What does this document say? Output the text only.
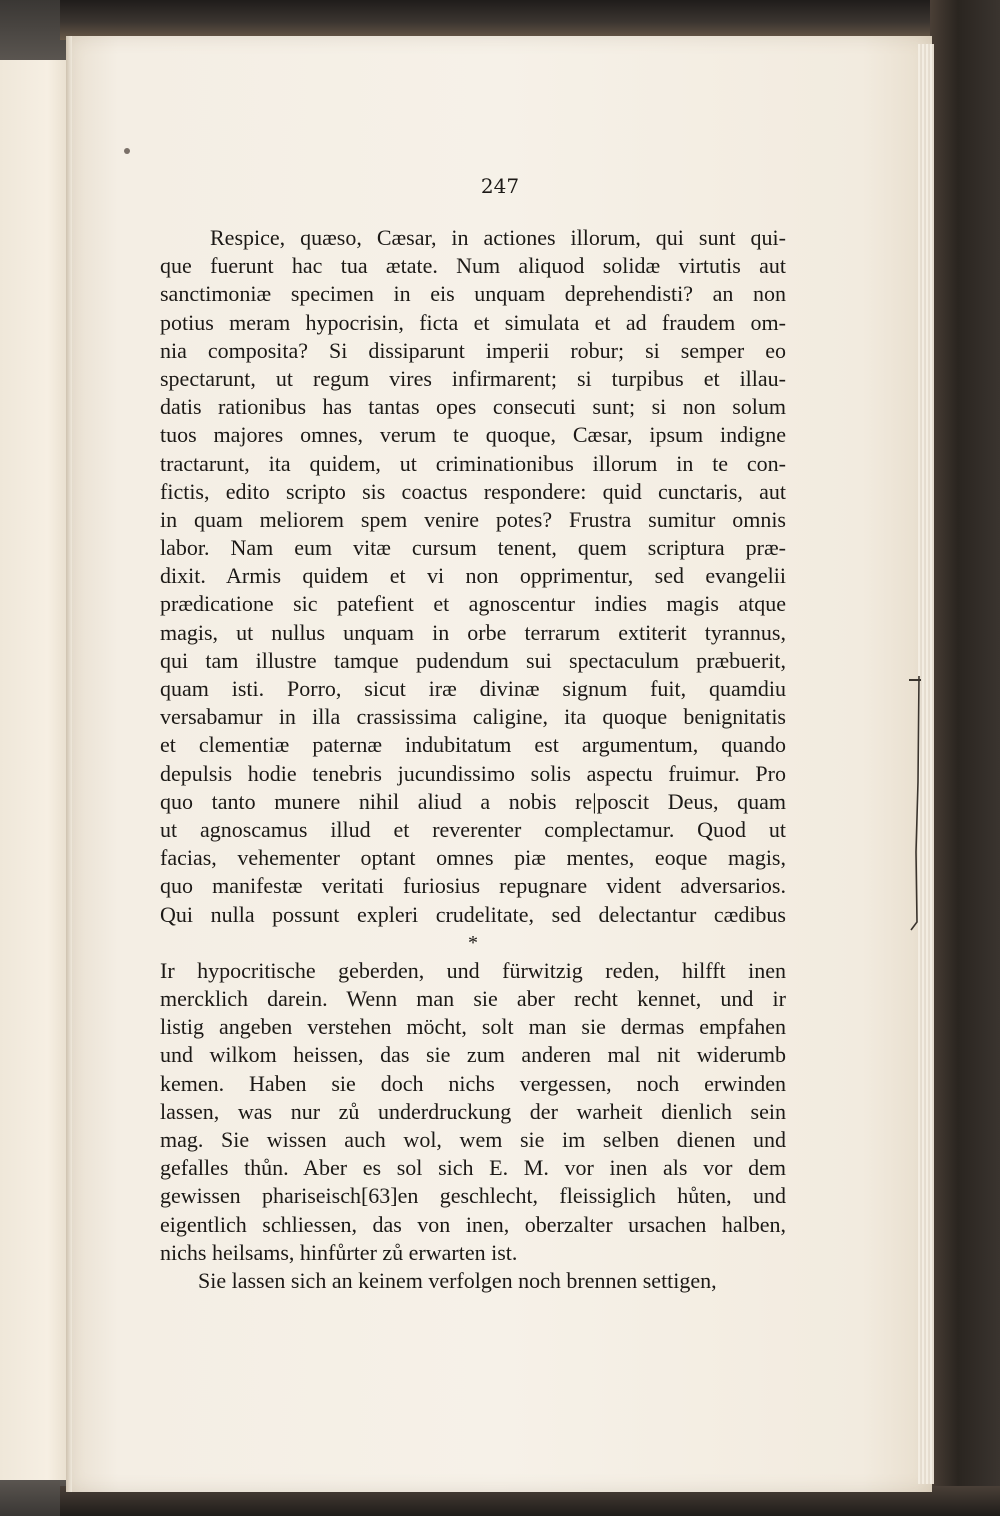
247
Respice, quæso, Cæsar, in actiones illorum, qui sunt qui-
que fuerunt hac tua ætate. Num aliquod solidæ virtutis aut
sanctimoniæ specimen in eis unquam deprehendisti? an non
potius meram hypocrisin, ficta et simulata et ad fraudem om-
nia composita? Si dissiparunt imperii robur; si semper eo
spectarunt, ut regum vires infirmarent; si turpibus et illau-
datis rationibus has tantas opes consecuti sunt; si non solum
tuos majores omnes, verum te quoque, Cæsar, ipsum indigne
tractarunt, ita quidem, ut criminationibus illorum in te con-
fictis, edito scripto sis coactus respondere: quid cunctaris, aut
in quam meliorem spem venire potes? Frustra sumitur omnis
labor. Nam eum vitæ cursum tenent, quem scriptura præ-
dixit. Armis quidem et vi non opprimentur, sed evangelii
prædicatione sic patefient et agnoscentur indies magis atque
magis, ut nullus unquam in orbe terrarum extiterit tyrannus,
qui tam illustre tamque pudendum sui spectaculum præbuerit,
quam isti. Porro, sicut iræ divinæ signum fuit, quamdiu
versabamur in illa crassissima caligine, ita quoque benignitatis
et clementiæ paternæ indubitatum est argumentum, quando
depulsis hodie tenebris jucundissimo solis aspectu fruimur. Pro
quo tanto munere nihil aliud a nobis re|poscit Deus, quam
ut agnoscamus illud et reverenter complectamur. Quod ut
facias, vehementer optant omnes piæ mentes, eoque magis,
quo manifestæ veritati furiosius repugnare vident adversarios.
Qui nulla possunt expleri crudelitate, sed delectantur cædibus
*
Ir hypocritische geberden, und fürwitzig reden, hilfft inen
mercklich darein. Wenn man sie aber recht kennet, und ir
listig angeben verstehen möcht, solt man sie dermas empfahen
und wilkom heissen, das sie zum anderen mal nit widerumb
kemen. Haben sie doch nichs vergessen, noch erwinden
lassen, was nur zů underdruckung der warheit dienlich sein
mag. Sie wissen auch wol, wem sie im selben dienen und
gefalles thůn. Aber es sol sich E. M. vor inen als vor dem
gewissen phariseisch[63]en geschlecht, fleissiglich hůten, und
eigentlich schliessen, das von inen, oberzalter ursachen halben,
nichs heilsams, hinfůrter zů erwarten ist.
Sie lassen sich an keinem verfolgen noch brennen settigen,
